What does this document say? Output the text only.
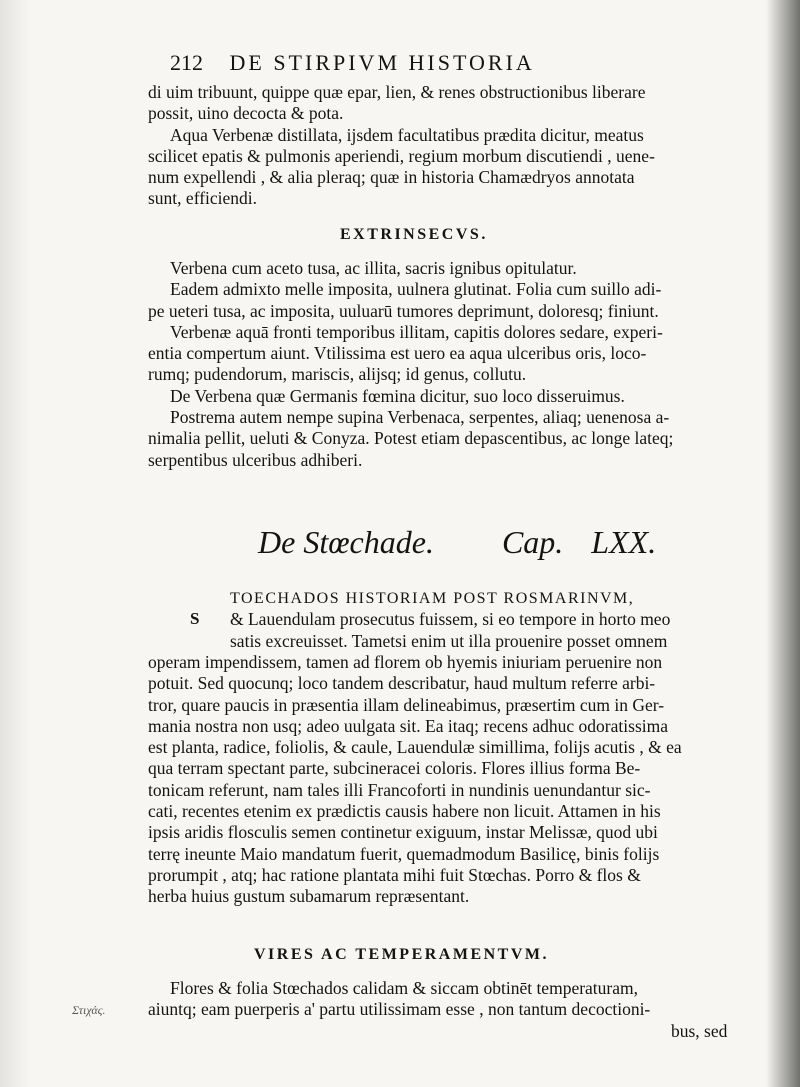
212 DE STIRPIVM HISTORIA
di uim tribuunt, quippe quæ epar, lien, & renes obstructionibus liberare
possit, uino decocta & pota.
Aqua Verbenæ distillata, ijsdem facultatibus prædita dicitur, meatus
scilicet epatis & pulmonis aperiendi, regium morbum discutiendi , uene-
num expellendi , & alia pleraq; quæ in historia Chamædryos annotata
sunt, efficiendi.
EXTRINSECVS.
Verbena cum aceto tusa, ac illita, sacris ignibus opitulatur.
Eadem admixto melle imposita, uulnera glutinat. Folia cum suillo adi-
pe ueteri tusa, ac imposita, uuluarū tumores deprimunt, doloresq; finiunt.
Verbenæ aquā fronti temporibus illitam, capitis dolores sedare, experi-
entia compertum aiunt. Vtilissima est uero ea aqua ulceribus oris, loco-
rumq; pudendorum, mariscis, alijsq; id genus, collutu.
De Verbena quæ Germanis fœmina dicitur, suo loco disseruimus.
Postrema autem nempe supina Verbenaca, serpentes, aliaq; uenenosa a-
nimalia pellit, ueluti & Conyza. Potest etiam depascentibus, ac longe lateq;
serpentibus ulceribus adhiberi.
De Stœchade. Cap. LXX.
S
TOECHADOS HISTORIAM POST ROSMARINVM,
& Lauendulam prosecutus fuissem, si eo tempore in horto meo
satis excreuisset. Tametsi enim ut illa prouenire posset omnem
operam impendissem, tamen ad florem ob hyemis iniuriam peruenire non
potuit. Sed quocunq; loco tandem describatur, haud multum referre arbi-
tror, quare paucis in præsentia illam delineabimus, præsertim cum in Ger-
mania nostra non usq; adeo uulgata sit. Ea itaq; recens adhuc odoratissima
est planta, radice, foliolis, & caule, Lauendulæ simillima, folijs acutis , & ea
qua terram spectant parte, subcineracei coloris. Flores illius forma Be-
tonicam referunt, nam tales illi Francoforti in nundinis uenundantur sic-
cati, recentes etenim ex prædictis causis habere non licuit. Attamen in his
ipsis aridis flosculis semen continetur exiguum, instar Melissæ, quod ubi
terrę ineunte Maio mandatum fuerit, quemadmodum Basilicę, binis folijs
prorumpit , atq; hac ratione plantata mihi fuit Stœchas. Porro & flos &
herba huius gustum subamarum repræsentant.
VIRES AC TEMPERAMENTVM.
Flores & folia Stœchados calidam & siccam obtinēt temperaturam,
aiuntq; eam puerperis a' partu utilissimam esse , non tantum decoctioni-
bus, sed
Στιχάς.
